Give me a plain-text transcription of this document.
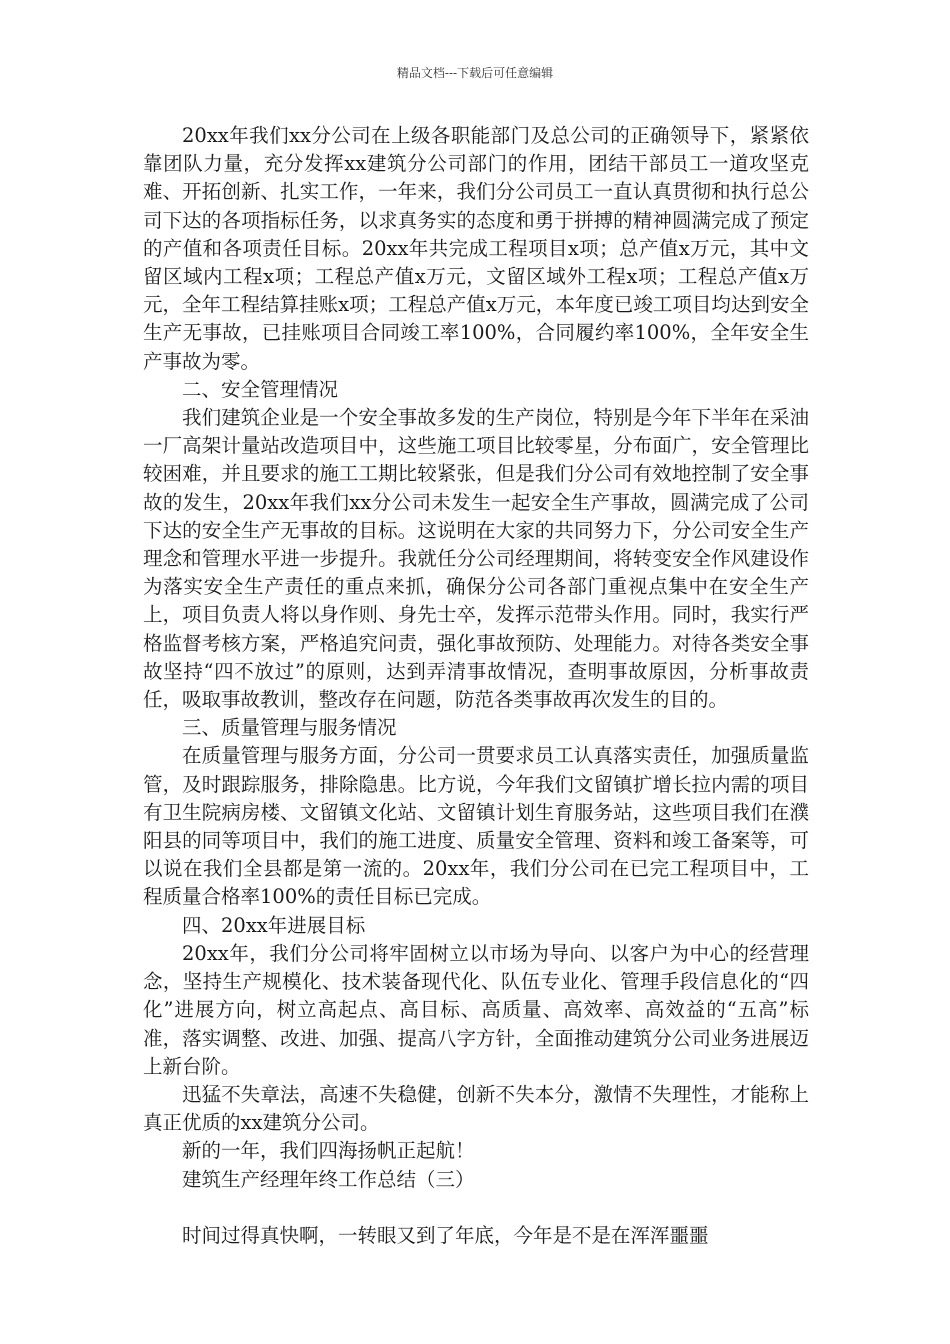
精品文档---下载后可任意编辑

20xx年我们xx分公司在上级各职能部门及总公司的正确领导下，紧紧依靠团队力量，充分发挥xx建筑分公司部门的作用，团结干部员工一道攻坚克难、开拓创新、扎实工作，一年来，我们分公司员工一直认真贯彻和执行总公司下达的各项指标任务，以求真务实的态度和勇于拼搏的精神圆满完成了预定的产值和各项责任目标。20xx年共完成工程项目x项；总产值x万元，其中文留区域内工程x项；工程总产值x万元，文留区域外工程x项；工程总产值x万元，全年工程结算挂账x项；工程总产值x万元，本年度已竣工项目均达到安全生产无事故，已挂账项目合同竣工率100%，合同履约率100%，全年安全生产事故为零。

二、安全管理情况

我们建筑企业是一个安全事故多发的生产岗位，特别是今年下半年在采油一厂高架计量站改造项目中，这些施工项目比较零星，分布面广，安全管理比较困难，并且要求的施工工期比较紧张，但是我们分公司有效地控制了安全事故的发生，20xx年我们xx分公司未发生一起安全生产事故，圆满完成了公司下达的安全生产无事故的目标。这说明在大家的共同努力下，分公司安全生产理念和管理水平进一步提升。我就任分公司经理期间，将转变安全作风建设作为落实安全生产责任的重点来抓，确保分公司各部门重视点集中在安全生产上，项目负责人将以身作则、身先士卒，发挥示范带头作用。同时，我实行严格监督考核方案，严格追究问责，强化事故预防、处理能力。对待各类安全事故坚持“四不放过”的原则，达到弄清事故情况，查明事故原因，分析事故责任，吸取事故教训，整改存在问题，防范各类事故再次发生的目的。

三、质量管理与服务情况

在质量管理与服务方面，分公司一贯要求员工认真落实责任，加强质量监管，及时跟踪服务，排除隐患。比方说，今年我们文留镇扩增长拉内需的项目有卫生院病房楼、文留镇文化站、文留镇计划生育服务站，这些项目我们在濮阳县的同等项目中，我们的施工进度、质量安全管理、资料和竣工备案等，可以说在我们全县都是第一流的。20xx年，我们分公司在已完工程项目中，工程质量合格率100%的责任目标已完成。

四、20xx年进展目标

20xx年，我们分公司将牢固树立以市场为导向、以客户为中心的经营理念，坚持生产规模化、技术装备现代化、队伍专业化、管理手段信息化的“四化”进展方向，树立高起点、高目标、高质量、高效率、高效益的“五高”标准，落实调整、改进、加强、提高八字方针，全面推动建筑分公司业务进展迈上新台阶。

迅猛不失章法，高速不失稳健，创新不失本分，激情不失理性，才能称上真正优质的xx建筑分公司。

新的一年，我们四海扬帆正起航！

建筑生产经理年终工作总结（三）

时间过得真快啊，一转眼又到了年底，今年是不是在浑浑噩噩
